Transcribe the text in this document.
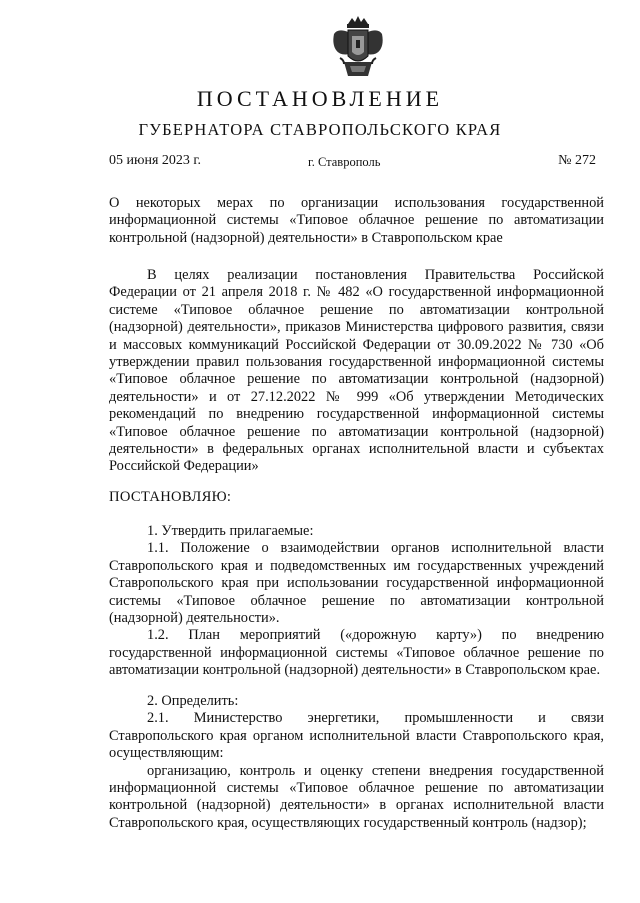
ПОСТАНОВЛЕНИЕ
ГУБЕРНАТОРА СТАВРОПОЛЬСКОГО КРАЯ
05 июня 2023 г.	г. Ставрополь	№ 272

О некоторых мерах по организации использования государственной информационной системы «Типовое облачное решение по автоматизации контрольной (надзорной) деятельности» в Ставропольском крае

В целях реализации постановления Правительства Российской Федерации от 21 апреля 2018 г. № 482 «О государственной информационной системе «Типовое облачное решение по автоматизации контрольной (надзорной) деятельности», приказов Министерства цифрового развития, связи и массовых коммуникаций Российской Федерации от 30.09.2022 № 730 «Об утверждении правил пользования государственной информационной системы «Типовое облачное решение по автоматизации контрольной (надзорной) деятельности» и от 27.12.2022 № 999 «Об утверждении Методических рекомендаций по внедрению государственной информационной системы «Типовое облачное решение по автоматизации контрольной (надзорной) деятельности» в федеральных органах исполнительной власти и субъектах Российской Федерации»

ПОСТАНОВЛЯЮ:

1. Утвердить прилагаемые:

1.1. Положение о взаимодействии органов исполнительной власти Ставропольского края и подведомственных им государственных учреждений Ставропольского края при использовании государственной информационной системы «Типовое облачное решение по автоматизации контрольной (надзорной) деятельности».

1.2. План мероприятий («дорожную карту») по внедрению государственной информационной системы «Типовое облачное решение по автоматизации контрольной (надзорной) деятельности» в Ставропольском крае.

2. Определить:

2.1. Министерство энергетики, промышленности и связи Ставропольского края органом исполнительной власти Ставропольского края, осуществляющим:

организацию, контроль и оценку степени внедрения государственной информационной системы «Типовое облачное решение по автоматизации контрольной (надзорной) деятельности» в органах исполнительной власти Ставропольского края, осуществляющих государственный контроль (надзор);
